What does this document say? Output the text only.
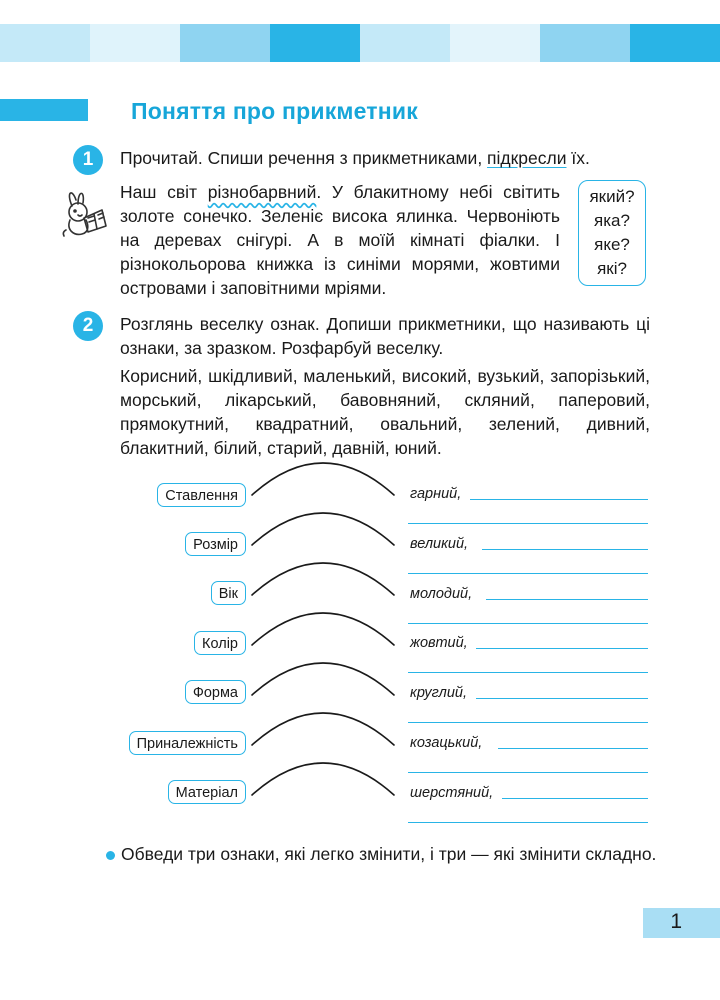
Поняття про прикметник
1	Прочитай. Спиши речення з прикметниками, підкресли їх.
Наш світ різнобарвний. У блакитному небі світить золоте сонечко. Зеленіє висока ялинка. Червоніють на деревах снігурі. А в моїй кімнаті фіалки. І різнокольорова книжка із синіми морями, жовтими островами і заповітними мріями.
який?
яка?
яке?
які?
2	Розглянь веселку ознак. Допиши прикметники, що називають ці ознаки, за зразком. Розфарбуй веселку.
Корисний, шкідливий, маленький, високий, вузький, запорізький, морський, лікарський, бавовняний, скляний, паперовий, прямокутний, квадратний, овальний, зелений, дивний, блакитний, білий, старий, давній, юний.
Ставлення
Розмір
Вік
Колір
Форма
Приналежність
Матеріал
гарний,
великий,
молодий,
жовтий,
круглий,
козацький,
шерстяний,
Обведи три ознаки, які легко змінити, і три — які змінити складно.
1
